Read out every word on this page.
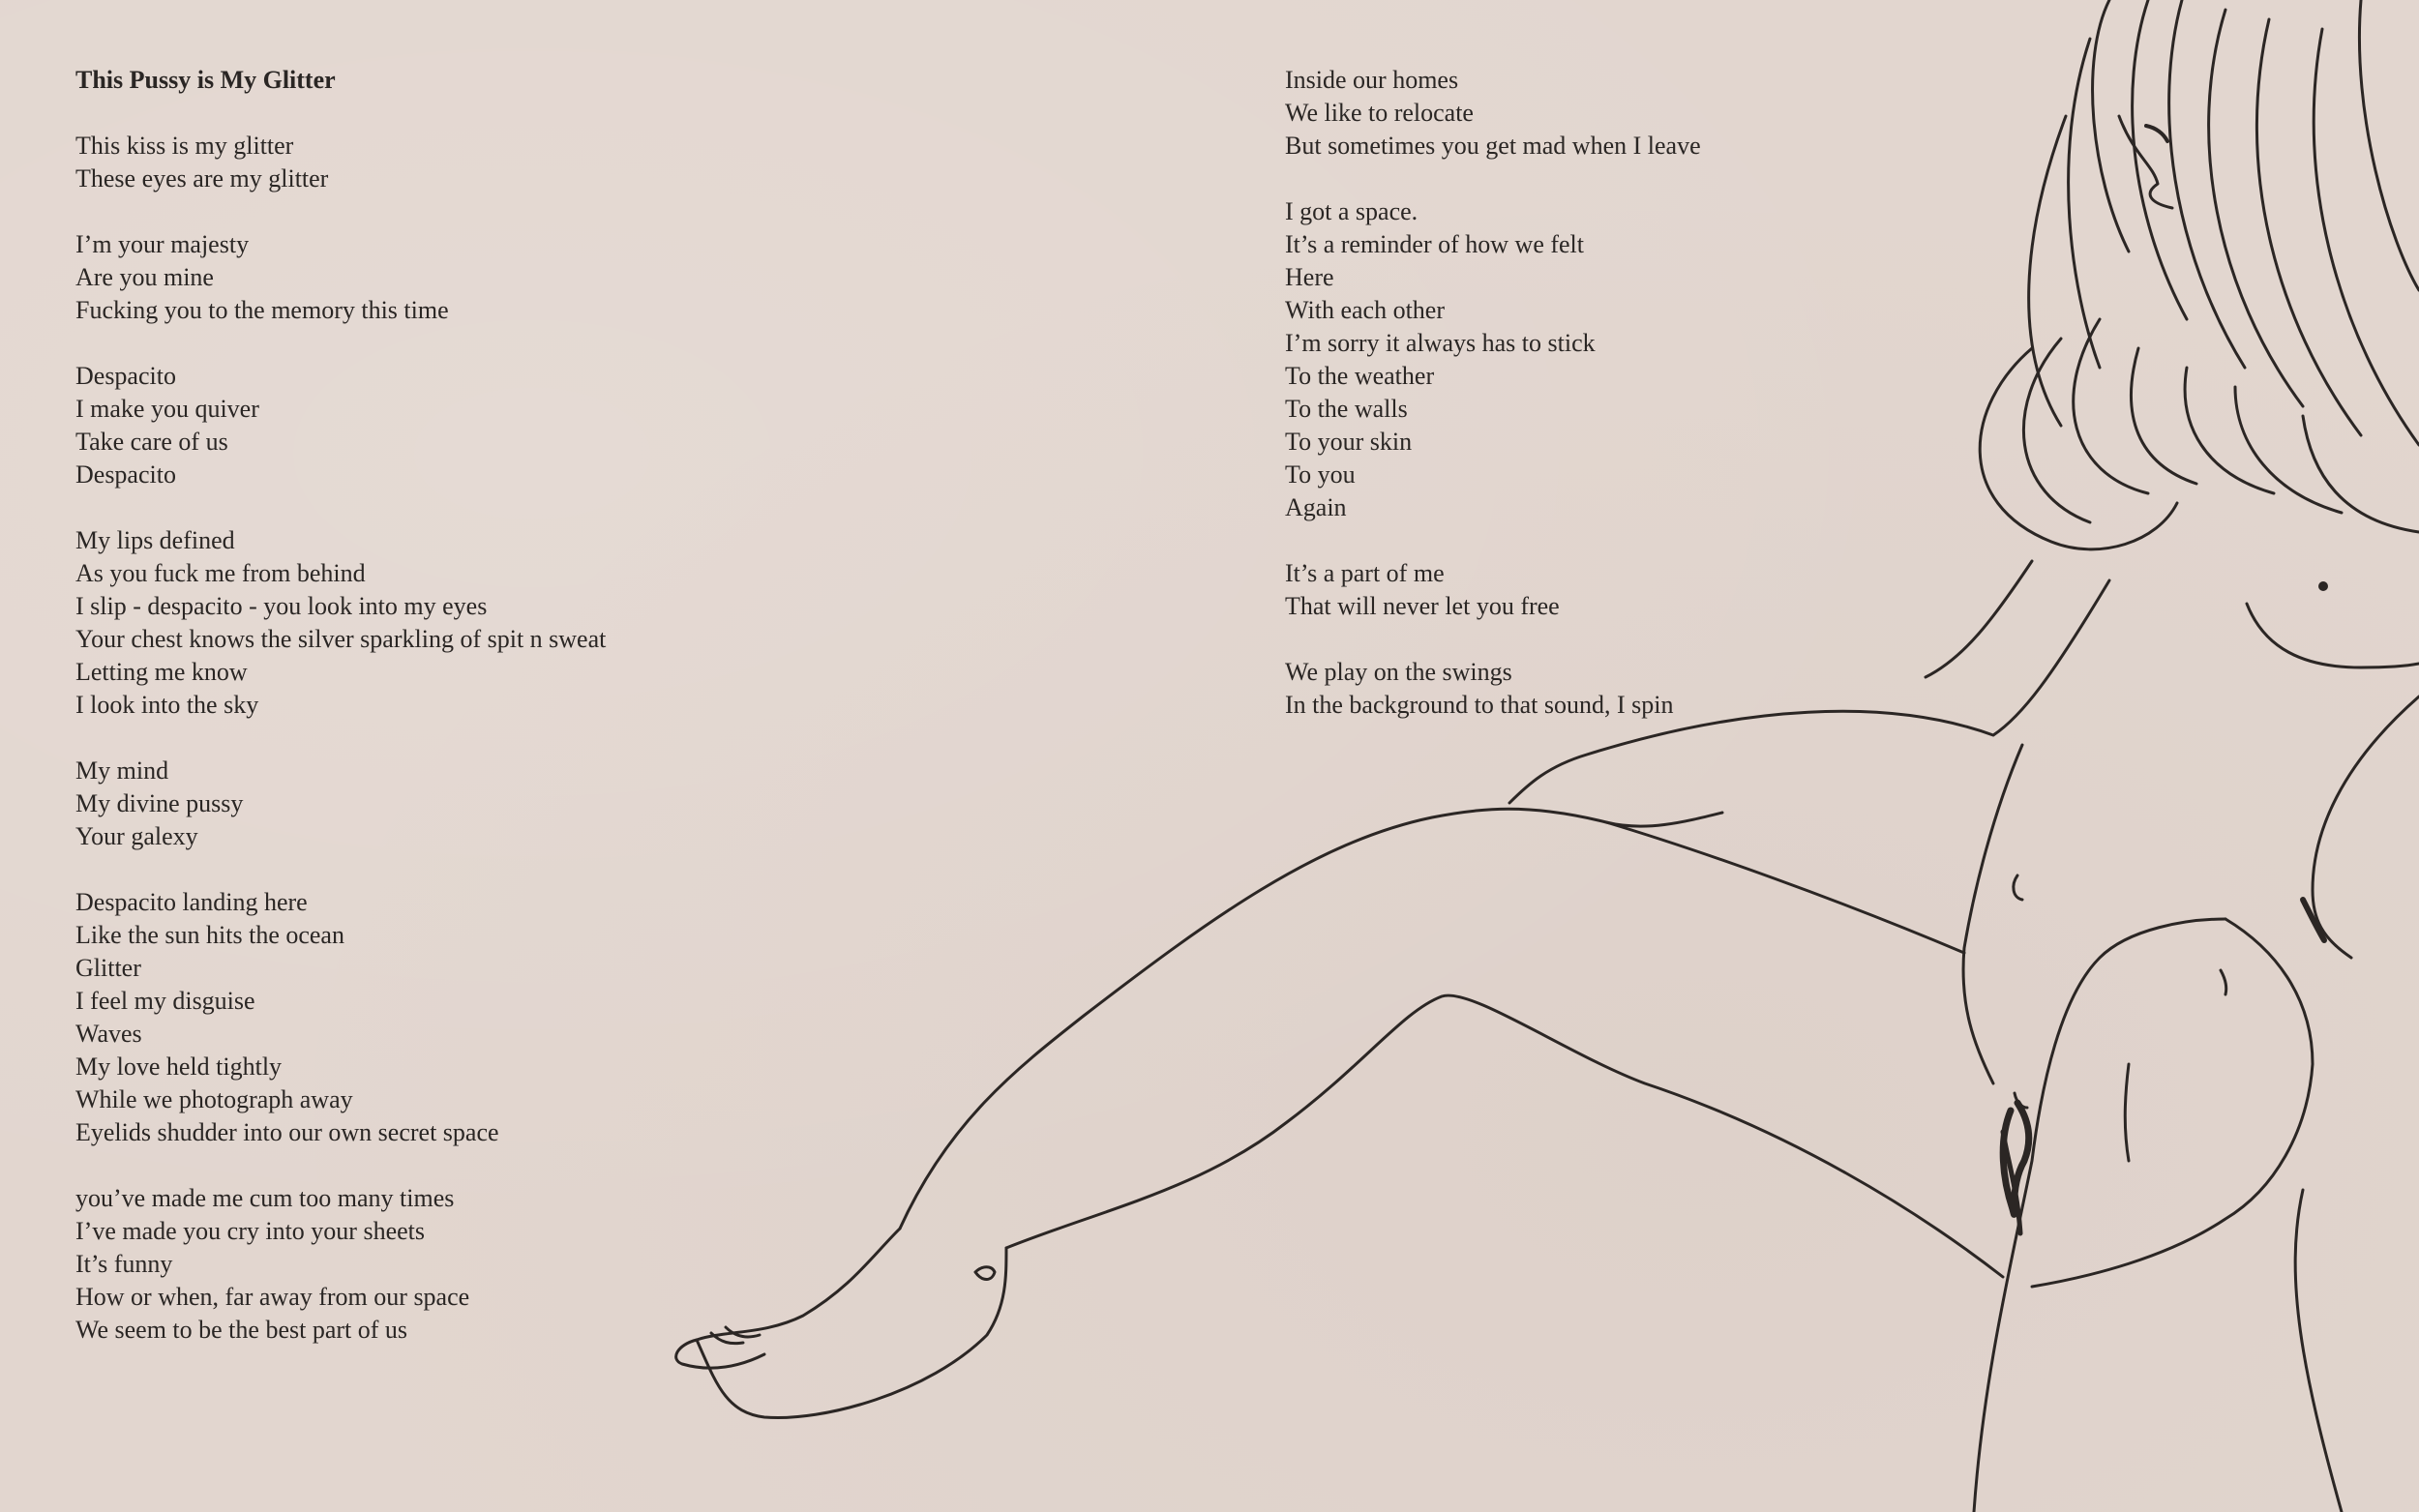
This Pussy is My Glitter
This kiss is my glitter
These eyes are my glitter
I’m your majesty
Are you mine
Fucking you to the memory this time
Despacito
I make you quiver
Take care of us
Despacito
My lips defined
As you fuck me from behind
I slip - despacito - you look into my eyes
Your chest knows the silver sparkling of spit n sweat
Letting me know
I look into the sky
My mind
My divine pussy
Your galexy
Despacito landing here
Like the sun hits the ocean
Glitter
I feel my disguise
Waves
My love held tightly
While we photograph away
Eyelids shudder into our own secret space
you’ve made me cum too many times
I’ve made you cry into your sheets
It’s funny
How or when, far away from our space
We seem to be the best part of us
Inside our homes
We like to relocate
But sometimes you get mad when I leave
I got a space.
It’s a reminder of how we felt
Here
With each other
I’m sorry it always has to stick
To the weather
To the walls
To your skin
To you
Again
It’s a part of me
That will never let you free
We play on the swings
In the background to that sound, I spin
